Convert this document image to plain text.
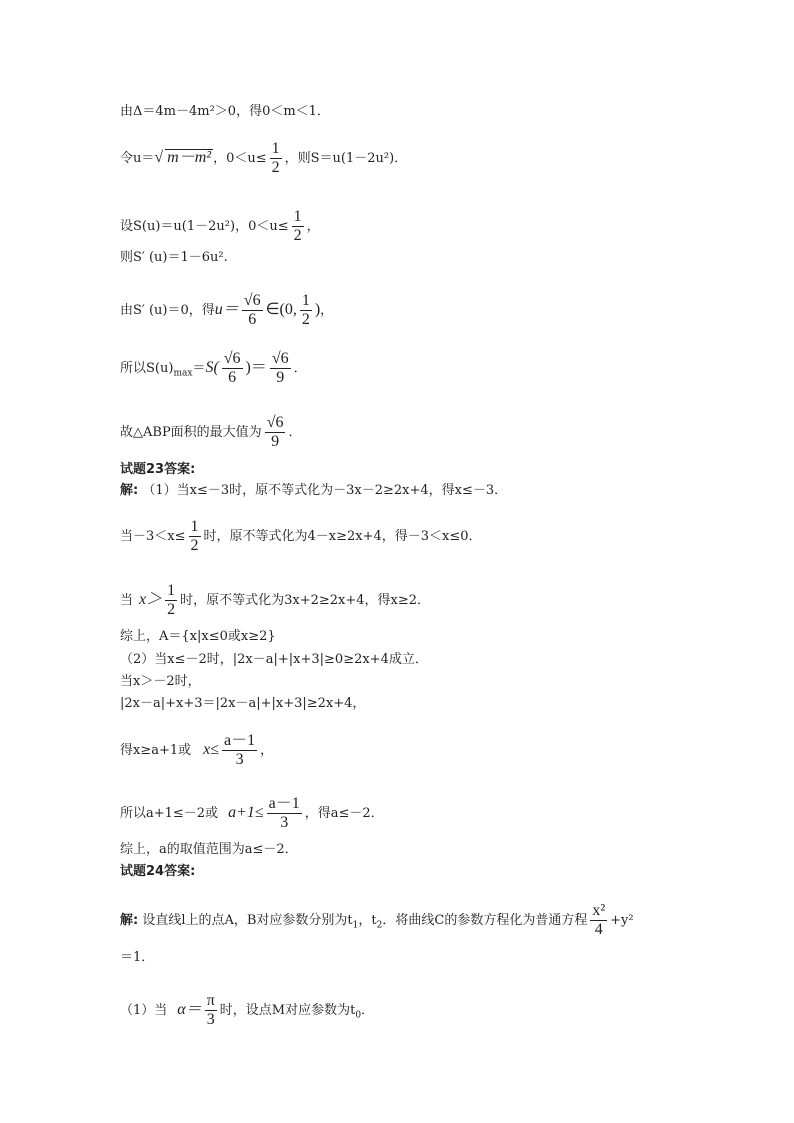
由Δ＝4m－4m²＞0，得0＜m＜1．
令u＝√ m－m² ，$0<u\le \frac{1}{2}$ ，则S＝u(1－2u²)．
设S(u)＝u(1－2u²)，$0<u\le \frac{1}{2}$ ，
则S′ (u)＝1－6u².
由S′ (u)＝0，得$u= \frac{√6}{6}$ ∈(0, $\frac{1}{2}$ )，
所以$S(u)_{max}=S( \frac{√6}{6}$ )＝ $\frac{√6}{9}$ ．
故△ABP面积的最大值为 $\frac{√6}{9}$ ．
试题23答案:
解: （1）当x≤－3时，原不等式化为－3x－2≥2x+4，得x≤－3．
当$-3<x\le \frac{1}{2}$ 时，原不等式化为4－x≥2x+4，得－3＜x≤0．
当 $x> \frac{1}{2}$ 时，原不等式化为3x+2≥2x+4，得x≥2．
综上，A＝{x|x≤0或x≥2}
（2）当x≤－2时，|2x－a|+|x+3|≥0≥2x+4成立．
当x＞－2时，
|2x－a|+x+3＝|2x－a|+|x+3|≥2x+4，
得x≥a+1或 $x\le \frac{a-1}{3}$ ，
所以a+1≤－2或 $a+1\le \frac{a-1}{3}$ ，得a≤－2．
综上，a的取值范围为a≤－2．
试题24答案:
解: 设直线l上的点A，B对应参数分别为$t_1$，$t_2$．将曲线C的参数方程化为普通方程 $\frac{\text{x²}}{4} +y^2$
＝1．
（1）当 $\alpha= \frac{\pi}{3}$ 时，设点M对应参数为$t_0$．
